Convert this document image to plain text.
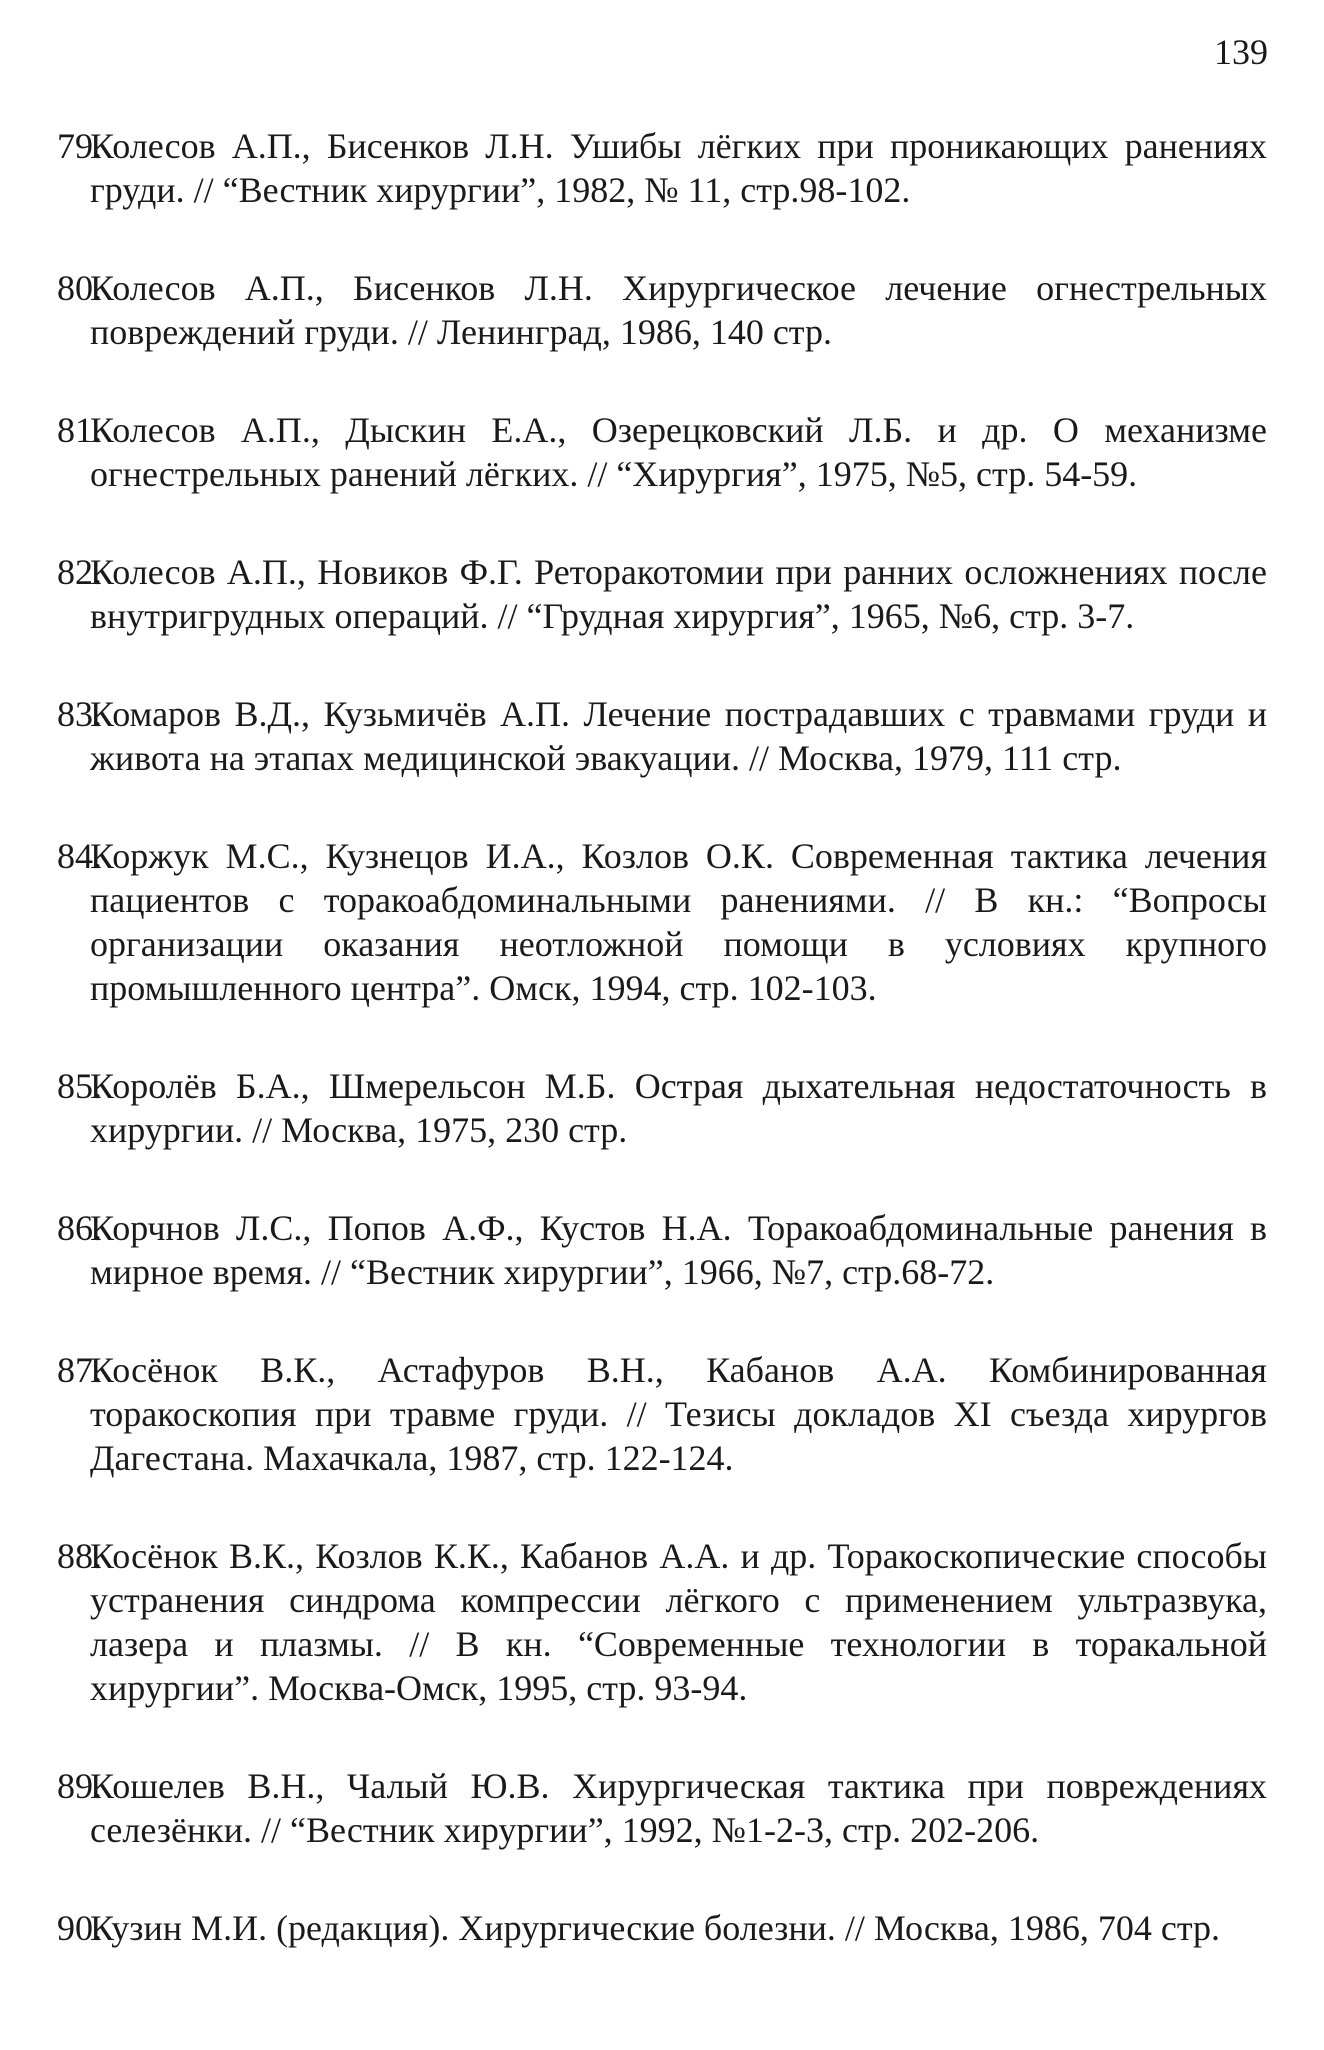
139
79.
Колесов А.П., Бисенков Л.Н. Ушибы лёгких при проникающих ранениях груди. // “Вестник хирургии”, 1982, № 11, стр.98-102.
80.
Колесов А.П., Бисенков Л.Н. Хирургическое лечение огнестрельных повреждений груди. // Ленинград, 1986, 140 стр.
81.
Колесов А.П., Дыскин Е.А., Озерецковский Л.Б. и др. О механизме огнестрельных ранений лёгких. // “Хирургия”, 1975, №5, стр. 54-59.
82.
Колесов А.П., Новиков Ф.Г. Реторакотомии при ранних осложнениях после внутригрудных операций. // “Грудная хирургия”, 1965, №6, стр. 3-7.
83.
Комаров В.Д., Кузьмичёв А.П. Лечение пострадавших с травмами груди и живота на этапах медицинской эвакуации. // Москва, 1979, 111 стр.
84.
Коржук М.С., Кузнецов И.А., Козлов О.К. Современная тактика лечения пациентов с торакоабдоминальными ранениями. // В кн.: “Вопросы организации оказания неотложной помощи в условиях крупного промышленного центра”. Омск, 1994, стр. 102-103.
85.
Королёв Б.А., Шмерельсон М.Б. Острая дыхательная недостаточность в хирургии. // Москва, 1975, 230 стр.
86.
Корчнов Л.С., Попов А.Ф., Кустов Н.А. Торакоабдоминальные ранения в мирное время. // “Вестник хирургии”, 1966, №7, стр.68-72.
87.
Косёнок В.К., Астафуров В.Н., Кабанов А.А. Комбинированная торакоскопия при травме груди. // Тезисы докладов XI съезда хирургов Дагестана. Махачкала, 1987, стр. 122-124.
88.
Косёнок В.К., Козлов К.К., Кабанов А.А. и др. Торакоскопические способы устранения синдрома компрессии лёгкого с применением ультразвука, лазера и плазмы. // В кн. “Современные технологии в торакальной хирургии”. Москва-Омск, 1995, стр. 93-94.
89.
Кошелев В.Н., Чалый Ю.В. Хирургическая тактика при повреждениях селезёнки. // “Вестник хирургии”, 1992, №1-2-3, стр. 202-206.
90.
Кузин М.И. (редакция). Хирургические болезни. // Москва, 1986, 704 стр.
